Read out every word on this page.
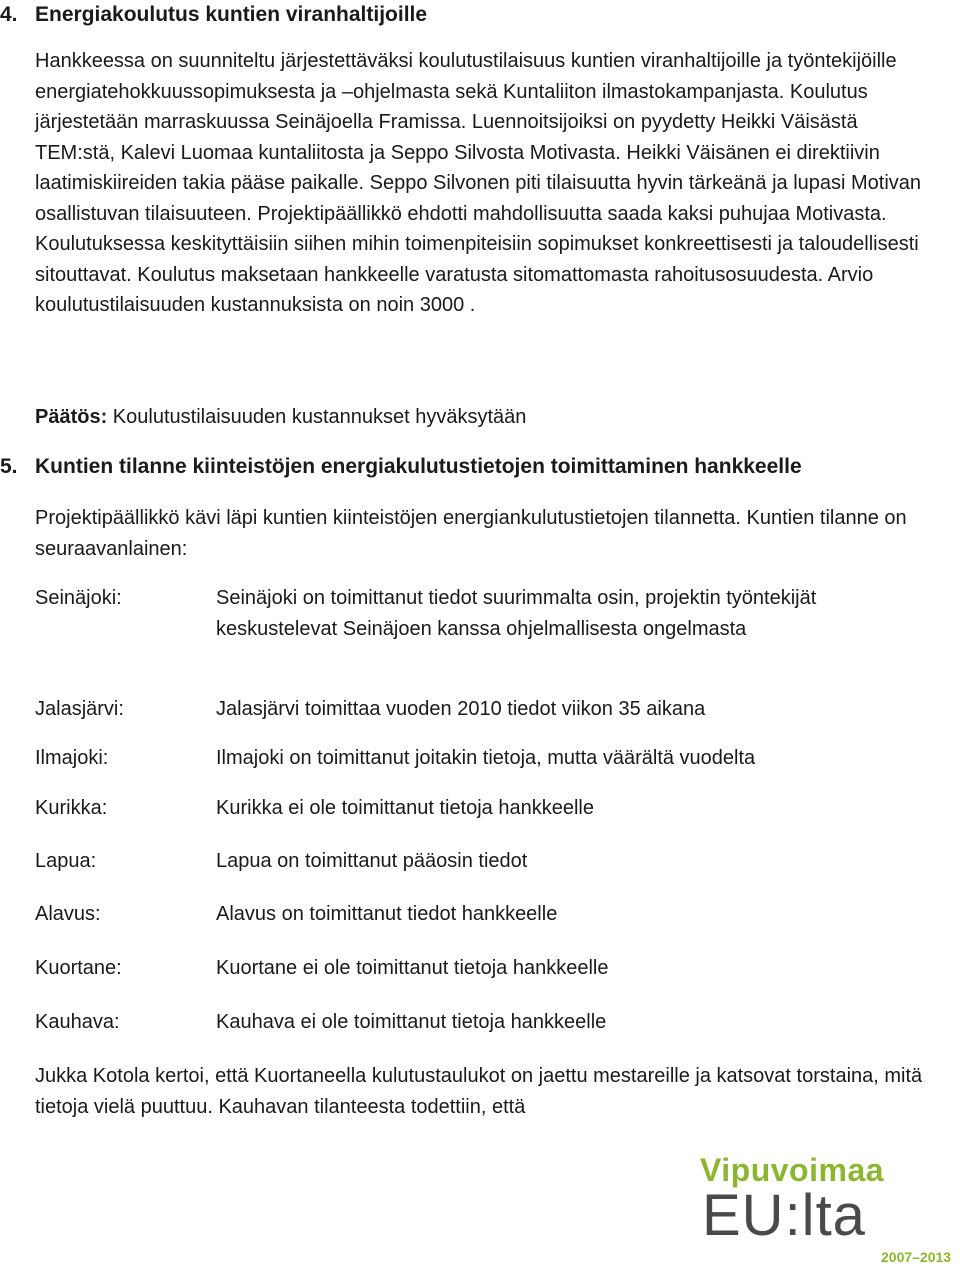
4. Energiakoulutus kuntien viranhaltijoille
Hankkeessa on suunniteltu järjestettäväksi koulutustilaisuus kuntien viranhaltijoille ja työntekijöille energiatehokkuussopimuksesta ja –ohjelmasta sekä Kuntaliiton ilmastokampanjasta. Koulutus järjestetään marraskuussa Seinäjoella Framissa. Luennoitsijoiksi on pyydetty Heikki Väisästä TEM:stä, Kalevi Luomaa kuntaliitosta ja Seppo Silvosta Motivasta. Heikki Väisänen ei direktiivin laatimiskiireiden takia pääse paikalle. Seppo Silvonen piti tilaisuutta hyvin tärkeänä ja lupasi Motivan osallistuvan tilaisuuteen. Projektipäällikkö ehdotti mahdollisuutta saada kaksi puhujaa Motivasta. Koulutuksessa keskityttäisiin siihen mihin toimenpiteisiin sopimukset konkreettisesti ja taloudellisesti sitouttavat. Koulutus maksetaan hankkeelle varatusta sitomattomasta rahoitusosuudesta. Arvio koulutustilaisuuden kustannuksista on noin 3000 .
Päätös: Koulutustilaisuuden kustannukset hyväksytään
5. Kuntien tilanne kiinteistöjen energiakulutustietojen toimittaminen hankkeelle
Projektipäällikkö kävi läpi kuntien kiinteistöjen energiankulutustietojen tilannetta. Kuntien tilanne on seuraavanlainen:
Seinäjoki:	Seinäjoki on toimittanut tiedot suurimmalta osin, projektin työntekijät keskustelevat Seinäjoen kanssa ohjelmallisesta ongelmasta
Jalasjärvi:	Jalasjärvi toimittaa vuoden 2010 tiedot viikon 35 aikana
Ilmajoki:	Ilmajoki on toimittanut joitakin tietoja, mutta väärältä vuodelta
Kurikka:	Kurikka ei ole toimittanut tietoja hankkeelle
Lapua:	Lapua on toimittanut pääosin tiedot
Alavus:	Alavus on toimittanut tiedot hankkeelle
Kuortane:	Kuortane ei ole toimittanut tietoja hankkeelle
Kauhava:	Kauhava ei ole toimittanut tietoja hankkeelle
Jukka Kotola kertoi, että Kuortaneella kulutustaulukot on jaettu mestareille ja katsovat torstaina, mitä tietoja vielä puuttuu. Kauhavan tilanteesta todettiin, että
Vipuvoimaa
EU:lta
2007–2013
